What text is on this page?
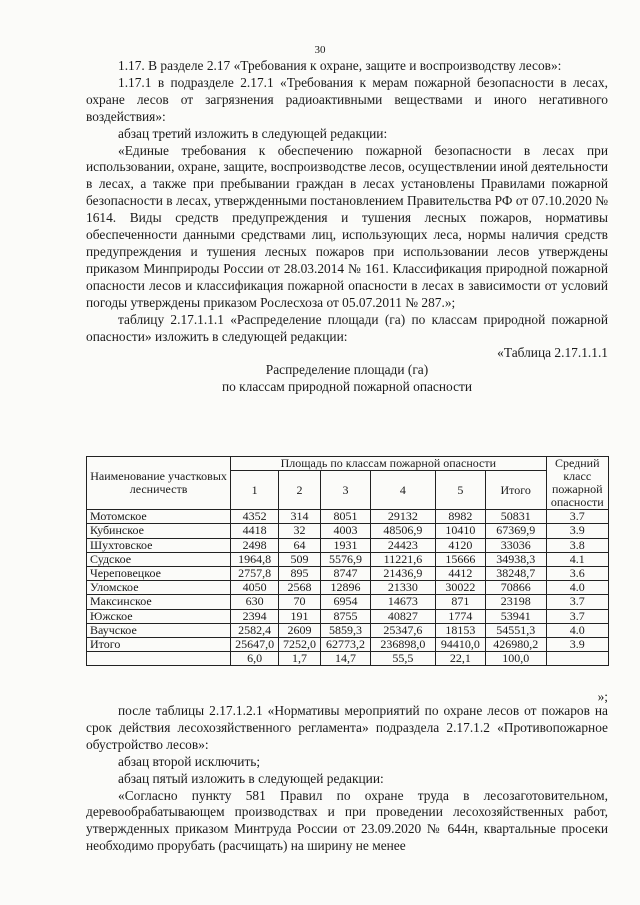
30

1.17. В разделе 2.17 «Требования к охране, защите и воспроизводству лесов»:

1.17.1 в подразделе 2.17.1 «Требования к мерам пожарной безопасности в лесах, охране лесов от загрязнения радиоактивными веществами и иного негативного воздействия»:

абзац третий изложить в следующей редакции:

«Единые требования к обеспечению пожарной безопасности в лесах при использовании, охране, защите, воспроизводстве лесов, осуществлении иной деятельности в лесах, а также при пребывании граждан в лесах установлены Правилами пожарной безопасности в лесах, утвержденными постановлением Правительства РФ от 07.10.2020 № 1614. Виды средств предупреждения и тушения лесных пожаров, нормативы обеспеченности данными средствами лиц, использующих леса, нормы наличия средств предупреждения и тушения лесных пожаров при использовании лесов утверждены приказом Минприроды России от 28.03.2014 № 161. Классификация природной пожарной опасности лесов и классификация пожарной опасности в лесах в зависимости от условий погоды утверждены приказом Рослесхоза от 05.07.2011 № 287.»;

таблицу 2.17.1.1.1 «Распределение площади (га) по классам природной пожарной опасности» изложить в следующей редакции:

«Таблица 2.17.1.1.1

Распределение площади (га)

по классам природной пожарной опасности

Наименование участковых лесничеств	Площадь по классам пожарной опасности						Средний класс пожарной опасности
	1	2	3	4	5	Итого	
Мотомское	4352	314	8051	29132	8982	50831	3.7
Кубинское	4418	32	4003	48506,9	10410	67369,9	3.9
Шухтовское	2498	64	1931	24423	4120	33036	3.8
Судское	1964,8	509	5576,9	11221,6	15666	34938,3	4.1
Череповецкое	2757,8	895	8747	21436,9	4412	38248,7	3.6
Уломское	4050	2568	12896	21330	30022	70866	4.0
Максинское	630	70	6954	14673	871	23198	3.7
Южское	2394	191	8755	40827	1774	53941	3.7
Ваучское	2582,4	2609	5859,3	25347,6	18153	54551,3	4.0
Итого	25647,0	7252,0	62773,2	236898,0	94410,0	426980,2	3.9
	6,0	1,7	14,7	55,5	22,1	100,0	
»;

после таблицы 2.17.1.2.1 «Нормативы мероприятий по охране лесов от пожаров на срок действия лесохозяйственного регламента» подраздела 2.17.1.2 «Противопожарное обустройство лесов»:

абзац второй исключить;

абзац пятый изложить в следующей редакции:

«Согласно пункту 581 Правил по охране труда в лесозаготовительном, деревообрабатывающем производствах и при проведении лесохозяйственных работ, утвержденных приказом Минтруда России от 23.09.2020 № 644н, квартальные просеки необходимо прорубать (расчищать) на ширину не менее
